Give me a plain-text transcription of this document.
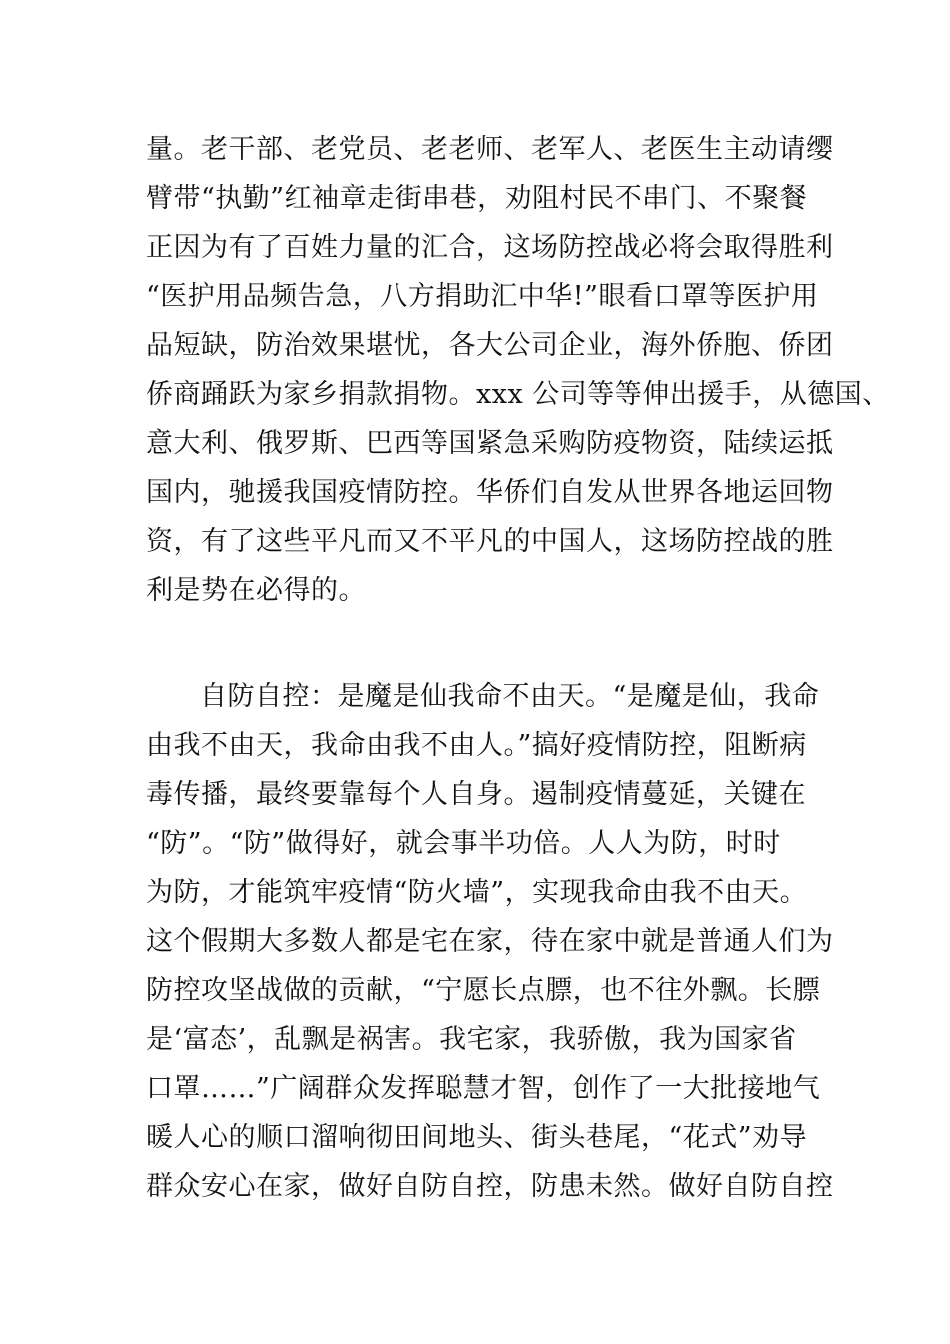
量。老干部、老党员、老老师、老军人、老医生主动请缨
臂带“执勤”红袖章走街串巷，劝阻村民不串门、不聚餐
正因为有了百姓力量的汇合，这场防控战必将会取得胜利
“医护用品频告急，八方捐助汇中华!”眼看口罩等医护用
品短缺，防治效果堪忧，各大公司企业，海外侨胞、侨团
侨商踊跃为家乡捐款捐物。xxx 公司等等伸出援手，从德国、
意大利、俄罗斯、巴西等国紧急采购防疫物资，陆续运抵
国内，驰援我国疫情防控。华侨们自发从世界各地运回物
资，有了这些平凡而又不平凡的中国人，这场防控战的胜
利是势在必得的。
自防自控：是魔是仙我命不由天。“是魔是仙，我命
由我不由天，我命由我不由人。”搞好疫情防控，阻断病
毒传播，最终要靠每个人自身。遏制疫情蔓延，关键在
“防”。“防”做得好，就会事半功倍。人人为防，时时
为防，才能筑牢疫情“防火墙”，实现我命由我不由天。
这个假期大多数人都是宅在家，待在家中就是普通人们为
防控攻坚战做的贡献，“宁愿长点膘，也不往外飘。长膘
是‘富态’，乱飘是祸害。我宅家，我骄傲，我为国家省
口罩……”广阔群众发挥聪慧才智，创作了一大批接地气
暖人心的顺口溜响彻田间地头、街头巷尾，“花式”劝导
群众安心在家，做好自防自控，防患未然。做好自防自控
